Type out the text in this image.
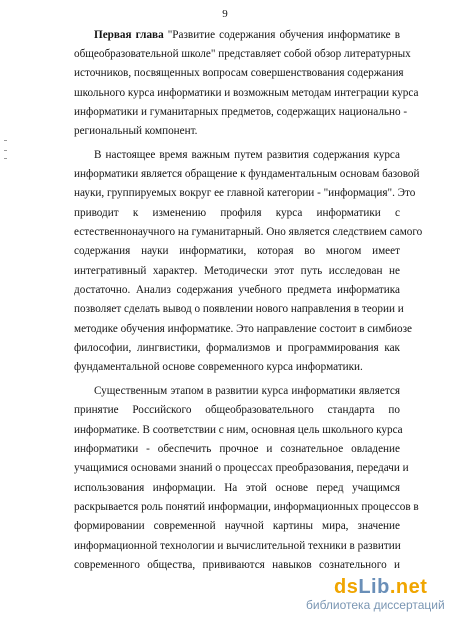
9
Первая глава "Развитие содержания обучения информатике в
общеобразовательной школе" представляет собой обзор литературных
источников, посвященных вопросам совершенствования содержания
школьного курса информатики и возможным методам интеграции курса
информатики и гуманитарных предметов, содержащих национально -
региональный компонент.
В настоящее время важным путем развития содержания курса
информатики является обращение к фундаментальным основам базовой
науки, группируемых вокруг ее главной категории - "информация". Это
приводит к изменению профиля курса информатики с
естественнонаучного на гуманитарный. Оно является следствием самого
содержания науки информатики, которая во многом имеет
интегративный характер. Методически этот путь исследован не
достаточно. Анализ содержания учебного предмета информатика
позволяет сделать вывод о появлении нового направления в теории и
методике обучения информатике. Это направление состоит в симбиозе
философии, лингвистики, формализмов и программирования как
фундаментальной основе современного курса информатики.
Существенным этапом в развитии курса информатики является
принятие Российского общеобразовательного стандарта по
информатике. В соответствии с ним, основная цель школьного курса
информатики - обеспечить прочное и сознательное овладение
учащимися основами знаний о процессах преобразования, передачи и
использования информации. На этой основе перед учащимся
раскрывается роль понятий информации, информационных процессов в
формировании современной научной картины мира, значение
информационной технологии и вычислительной техники в развитии
современного общества, прививаются навыков сознательного и
dsLib.net
библиотека диссертаций
